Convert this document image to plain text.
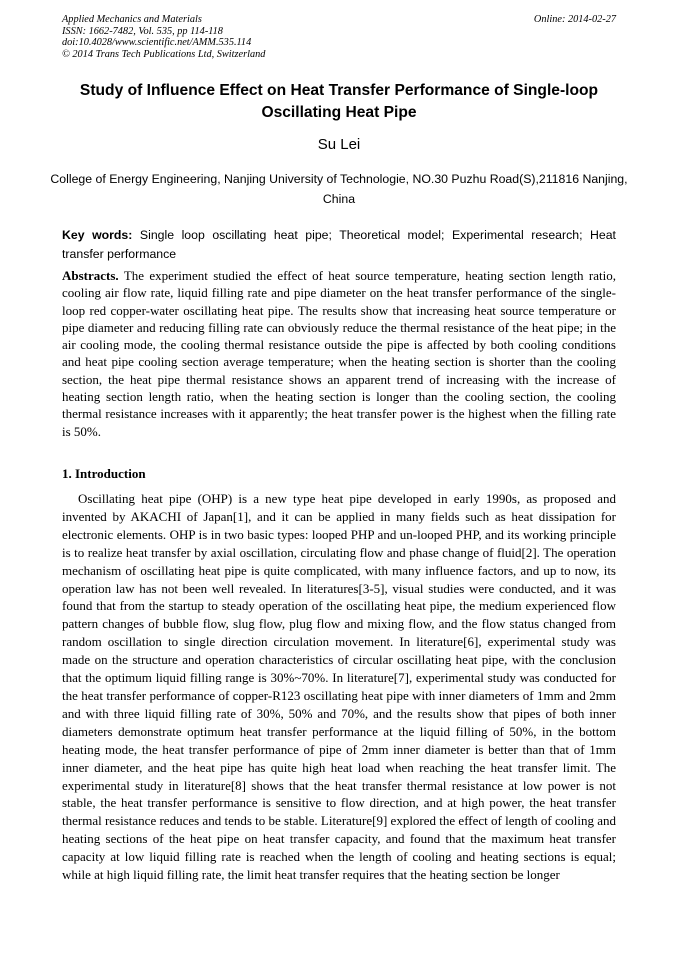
Applied Mechanics and Materials
ISSN: 1662-7482, Vol. 535, pp 114-118
doi:10.4028/www.scientific.net/AMM.535.114
© 2014 Trans Tech Publications Ltd, Switzerland
Online: 2014-02-27
Study of Influence Effect on Heat Transfer Performance of Single-loop Oscillating Heat Pipe
Su Lei
College of Energy Engineering, Nanjing University of Technologie, NO.30 Puzhu Road(S),211816 Nanjing, China
Key words: Single loop oscillating heat pipe; Theoretical model; Experimental research; Heat transfer performance
Abstracts. The experiment studied the effect of heat source temperature, heating section length ratio, cooling air flow rate, liquid filling rate and pipe diameter on the heat transfer performance of the single-loop red copper-water oscillating heat pipe. The results show that increasing heat source temperature or pipe diameter and reducing filling rate can obviously reduce the thermal resistance of the heat pipe; in the air cooling mode, the cooling thermal resistance outside the pipe is affected by both cooling conditions and heat pipe cooling section average temperature; when the heating section is shorter than the cooling section, the heat pipe thermal resistance shows an apparent trend of increasing with the increase of heating section length ratio, when the heating section is longer than the cooling section, the cooling thermal resistance increases with it apparently; the heat transfer power is the highest when the filling rate is 50%.
1. Introduction
Oscillating heat pipe (OHP) is a new type heat pipe developed in early 1990s, as proposed and invented by AKACHI of Japan[1], and it can be applied in many fields such as heat dissipation for electronic elements. OHP is in two basic types: looped PHP and un-looped PHP, and its working principle is to realize heat transfer by axial oscillation, circulating flow and phase change of fluid[2]. The operation mechanism of oscillating heat pipe is quite complicated, with many influence factors, and up to now, its operation law has not been well revealed. In literatures[3-5], visual studies were conducted, and it was found that from the startup to steady operation of the oscillating heat pipe, the medium experienced flow pattern changes of bubble flow, slug flow, plug flow and mixing flow, and the flow status changed from random oscillation to single direction circulation movement. In literature[6], experimental study was made on the structure and operation characteristics of circular oscillating heat pipe, with the conclusion that the optimum liquid filling range is 30%~70%. In literature[7], experimental study was conducted for the heat transfer performance of copper-R123 oscillating heat pipe with inner diameters of 1mm and 2mm and with three liquid filling rate of 30%, 50% and 70%, and the results show that pipes of both inner diameters demonstrate optimum heat transfer performance at the liquid filling of 50%, in the bottom heating mode, the heat transfer performance of pipe of 2mm inner diameter is better than that of 1mm inner diameter, and the heat pipe has quite high heat load when reaching the heat transfer limit. The experimental study in literature[8] shows that the heat transfer thermal resistance at low power is not stable, the heat transfer performance is sensitive to flow direction, and at high power, the heat transfer thermal resistance reduces and tends to be stable. Literature[9] explored the effect of length of cooling and heating sections of the heat pipe on heat transfer capacity, and found that the maximum heat transfer capacity at low liquid filling rate is reached when the length of cooling and heating sections is equal; while at high liquid filling rate, the limit heat transfer requires that the heating section be longer
